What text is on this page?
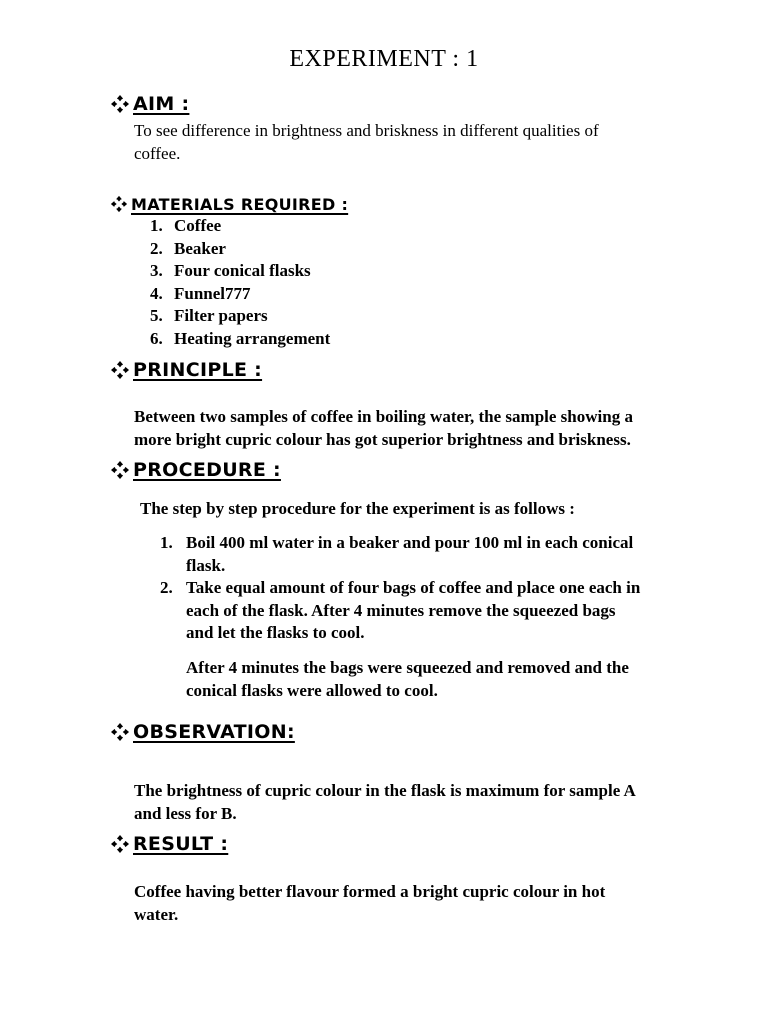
EXPERIMENT : 1
AIM :
To see difference in brightness and briskness in different qualities of
coffee.
MATERIALS REQUIRED :
1. Coffee
2. Beaker
3. Four conical flasks
4. Funnel777
5. Filter papers
6. Heating arrangement
PRINCIPLE :
Between two samples of coffee in boiling water, the sample showing a
more bright cupric colour has got superior brightness and briskness.
PROCEDURE :
The step by step procedure for the experiment is as follows :
1. Boil 400 ml water in a beaker and pour 100 ml in each conical
flask.
2. Take equal amount of four bags of coffee and place one each in
each of the flask. After 4 minutes remove the squeezed bags
and let the flasks to cool.
After 4 minutes the bags were squeezed and removed and the
conical flasks were allowed to cool.
OBSERVATION:
The brightness of cupric colour in the flask is maximum for sample A
and less for B.
RESULT :
Coffee having better flavour formed a bright cupric colour in hot
water.
